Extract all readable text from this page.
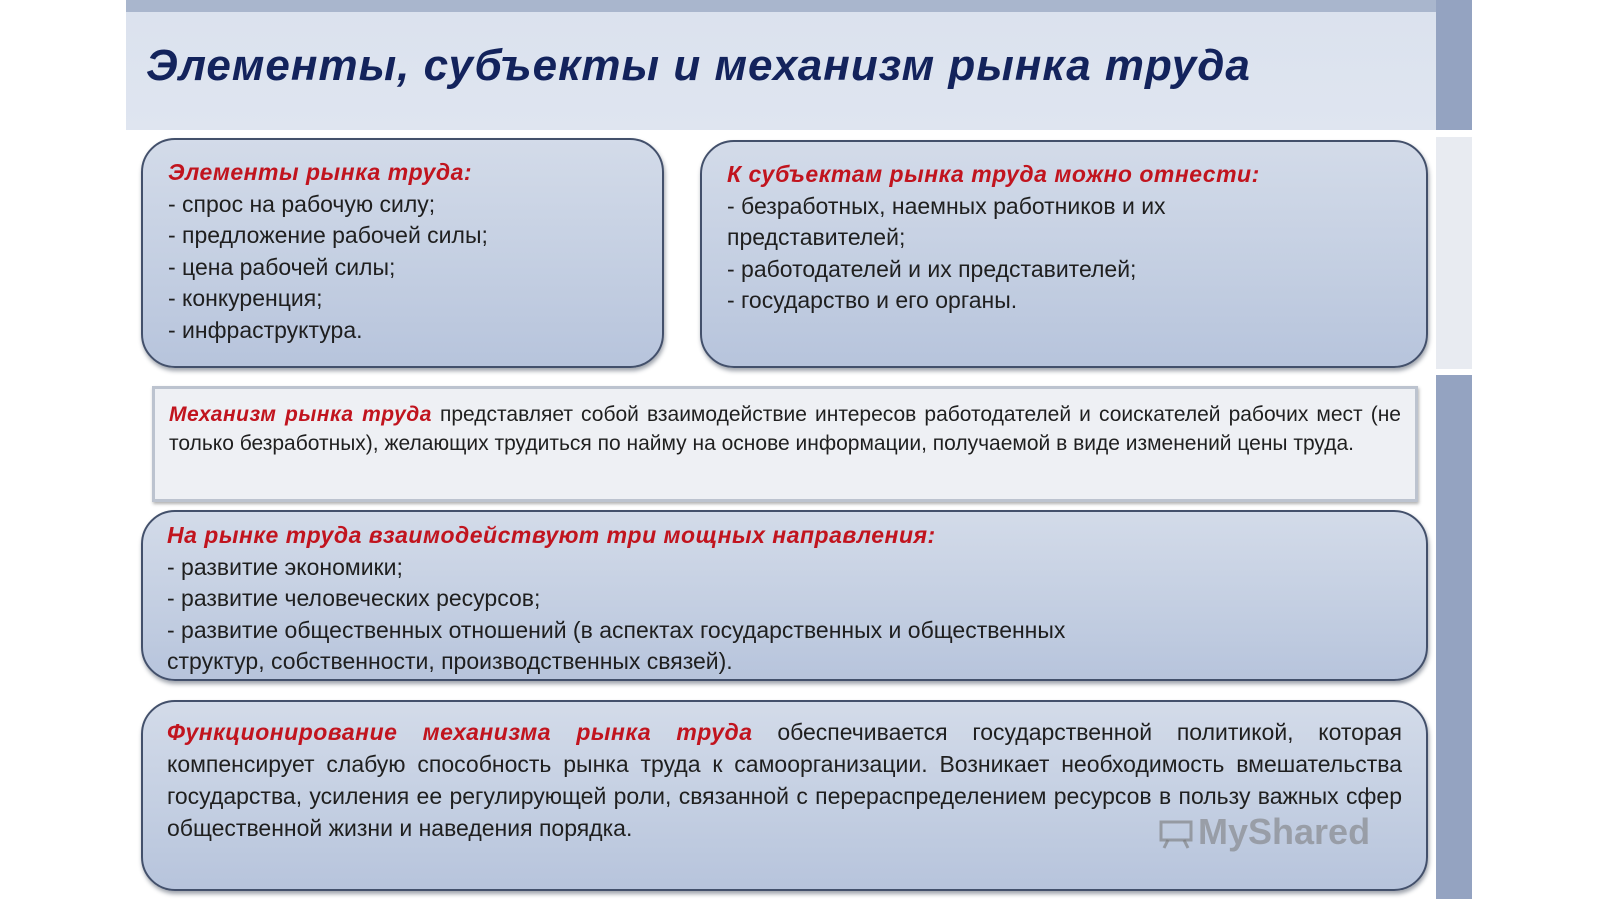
Элементы, субъекты и механизм рынка труда
Элементы рынка труда:
- спрос на рабочую силу;
- предложение рабочей силы;
- цена рабочей силы;
- конкуренция;
- инфраструктура.
К субъектам рынка труда можно отнести:
- безработных, наемных работников и их
представителей;
- работодателей и их представителей;
- государство и его органы.
Механизм рынка труда представляет собой взаимодействие интересов работодателей и соискателей рабочих мест (не только безработных), желающих трудиться по найму на основе информации, получаемой в виде изменений цены труда.
На рынке труда взаимодействуют три мощных направления:
- развитие экономики;
- развитие человеческих ресурсов;
- развитие общественных отношений (в аспектах государственных и общественных
структур, собственности, производственных связей).
Функционирование механизма рынка труда обеспечивается государственной политикой, которая компенсирует слабую способность рынка труда к самоорганизации. Возникает необходимость вмешательства государства, усиления ее регулирующей роли, связанной с перераспределением ресурсов в пользу важных сфер общественной жизни и наведения порядка.	MyShared
